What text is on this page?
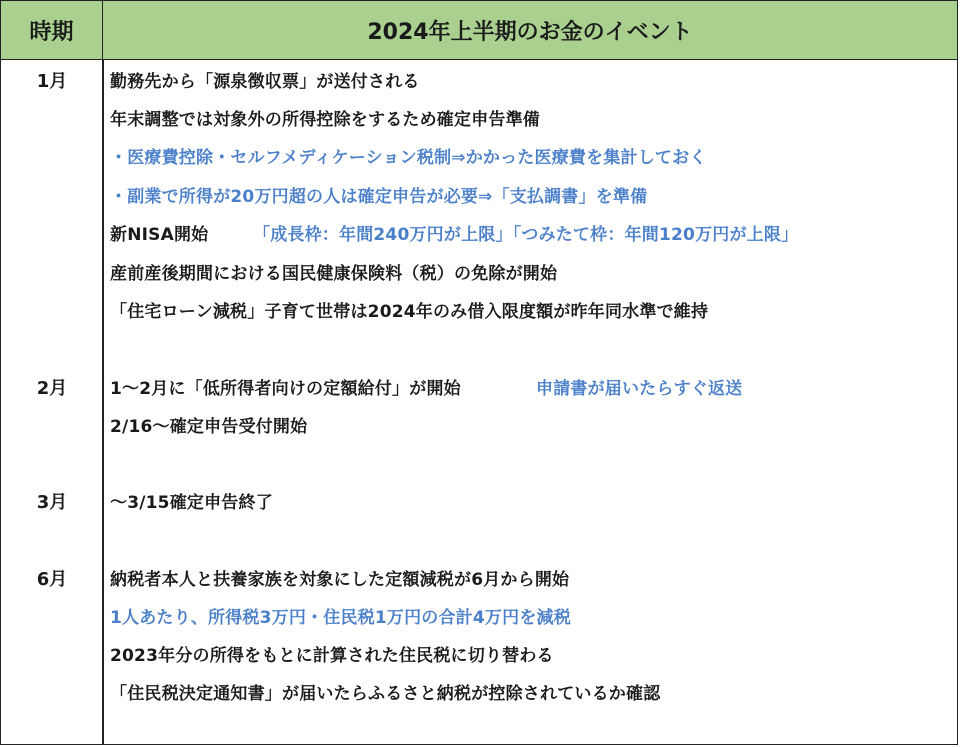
時期	2024年上半期のお金のイベント
1月	勤務先から「源泉徴収票」が送付される
年末調整では対象外の所得控除をするため確定申告準備
・医療費控除・セルフメディケーション税制⇒かかった医療費を集計しておく
・副業で所得が20万円超の人は確定申告が必要⇒「支払調書」を準備
新NISA開始	「成長枠：年間240万円が上限」「つみたて枠：年間120万円が上限」
産前産後期間における国民健康保険料（税）の免除が開始
「住宅ローン減税」子育て世帯は2024年のみ借入限度額が昨年同水準で維持
2月	1〜2月に「低所得者向けの定額給付」が開始	申請書が届いたらすぐ返送
2/16〜確定申告受付開始
3月	〜3/15確定申告終了
6月	納税者本人と扶養家族を対象にした定額減税が6月から開始
1人あたり、所得税3万円・住民税1万円の合計4万円を減税
2023年分の所得をもとに計算された住民税に切り替わる
「住民税決定通知書」が届いたらふるさと納税が控除されているか確認
